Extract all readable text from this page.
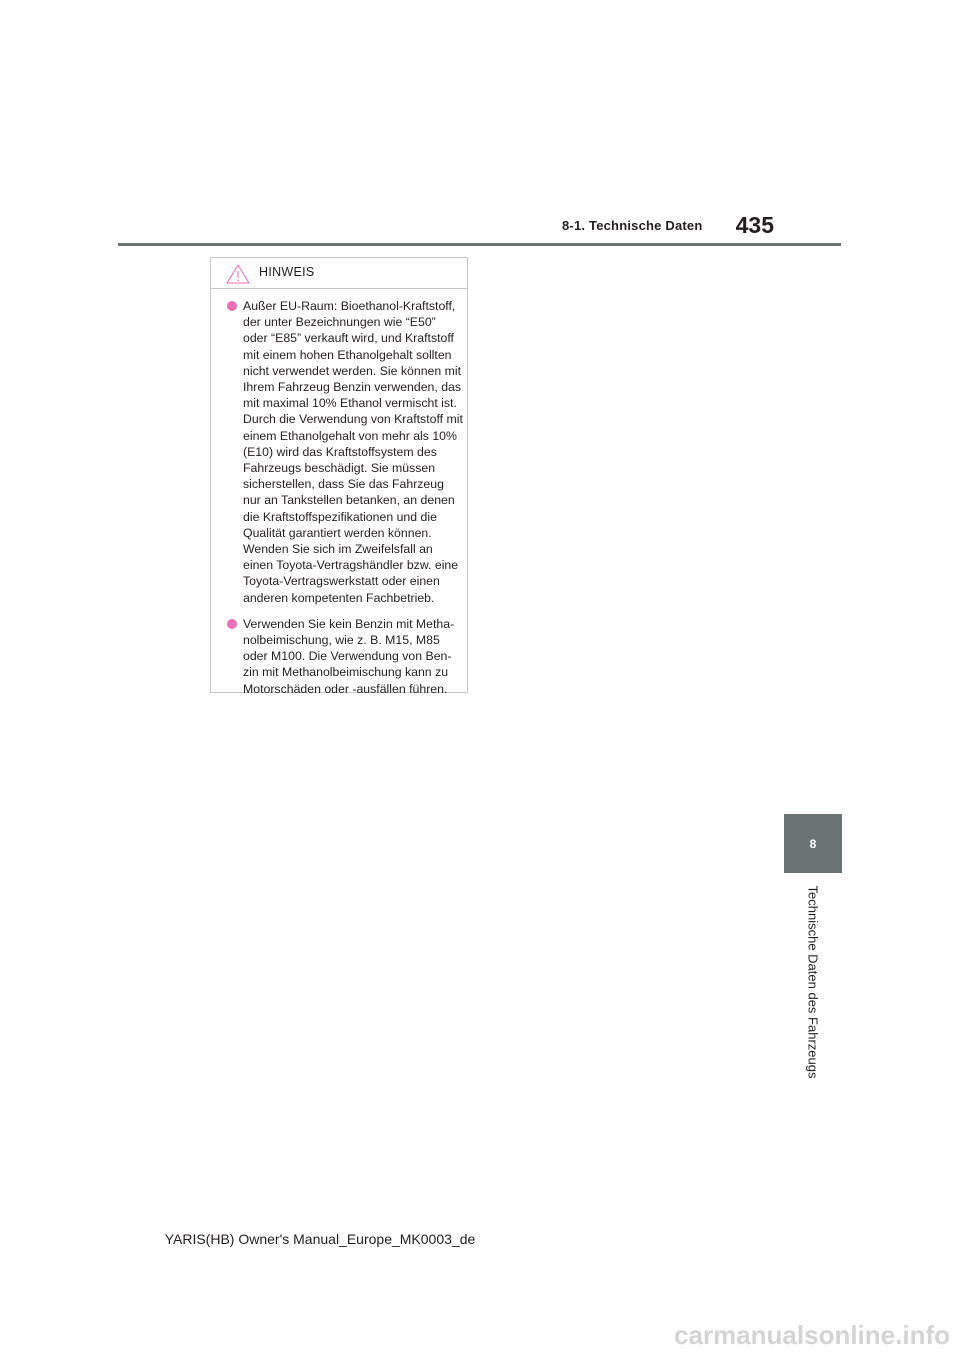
8-1. Technische Daten	435
8
Technische Daten des Fahrzeugs
HINWEIS
Außer EU-Raum: Bioethanol-Kraftstoff,
der unter Bezeichnungen wie “E50”
oder “E85” verkauft wird, und Kraftstoff
mit einem hohen Ethanolgehalt sollten
nicht verwendet werden. Sie können mit
Ihrem Fahrzeug Benzin verwenden, das
mit maximal 10% Ethanol vermischt ist.
Durch die Verwendung von Kraftstoff mit
einem Ethanolgehalt von mehr als 10%
(E10) wird das Kraftstoffsystem des
Fahrzeugs beschädigt. Sie müssen
sicherstellen, dass Sie das Fahrzeug
nur an Tankstellen betanken, an denen
die Kraftstoffspezifikationen und die
Qualität garantiert werden können.
Wenden Sie sich im Zweifelsfall an
einen Toyota-Vertragshändler bzw. eine
Toyota-Vertragswerkstatt oder einen
anderen kompetenten Fachbetrieb.
Verwenden Sie kein Benzin mit Metha-
nolbeimischung, wie z. B. M15, M85
oder M100. Die Verwendung von Ben-
zin mit Methanolbeimischung kann zu
Motorschäden oder -ausfällen führen.
YARIS(HB) Owner's Manual_Europe_MK0003_de
carmanualsonline.info
